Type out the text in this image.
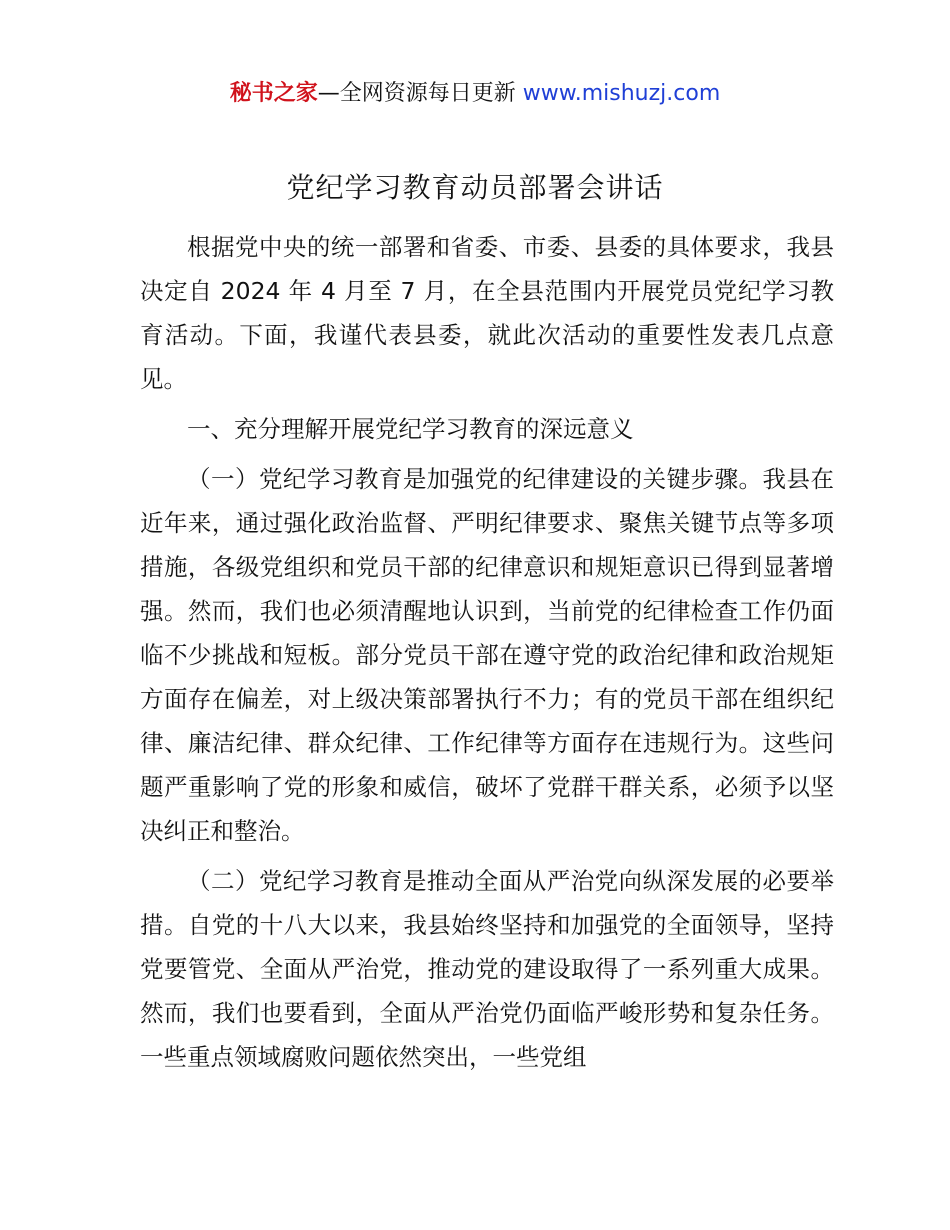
秘书之家—全网资源每日更新 www.mishuzj.com
党纪学习教育动员部署会讲话

根据党中央的统一部署和省委、市委、县委的具体要求，我县决定自 2024 年 4 月至 7 月，在全县范围内开展党员党纪学习教育活动。下面，我谨代表县委，就此次活动的重要性发表几点意见。

一、充分理解开展党纪学习教育的深远意义

（一）党纪学习教育是加强党的纪律建设的关键步骤。我县在近年来，通过强化政治监督、严明纪律要求、聚焦关键节点等多项措施，各级党组织和党员干部的纪律意识和规矩意识已得到显著增强。然而，我们也必须清醒地认识到，当前党的纪律检查工作仍面临不少挑战和短板。部分党员干部在遵守党的政治纪律和政治规矩方面存在偏差，对上级决策部署执行不力；有的党员干部在组织纪律、廉洁纪律、群众纪律、工作纪律等方面存在违规行为。这些问题严重影响了党的形象和威信，破坏了党群干群关系，必须予以坚决纠正和整治。

（二）党纪学习教育是推动全面从严治党向纵深发展的必要举措。自党的十八大以来，我县始终坚持和加强党的全面领导，坚持党要管党、全面从严治党，推动党的建设取得了一系列重大成果。然而，我们也要看到，全面从严治党仍面临严峻形势和复杂任务。一些重点领域腐败问题依然突出，一些党组
